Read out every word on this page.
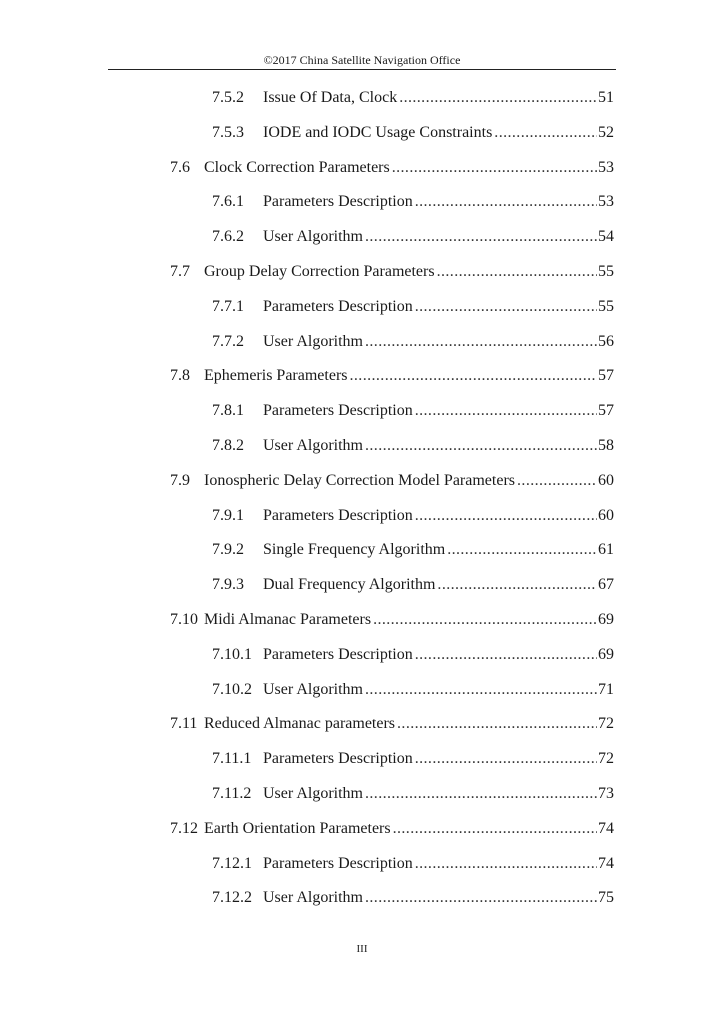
©2017 China Satellite Navigation Office
7.5.2	Issue Of Data, Clock .....	51
7.5.3	IODE and IODC Usage Constraints .....	52
7.6 Clock Correction Parameters .....	53
7.6.1	Parameters Description .....	53
7.6.2	User Algorithm .....	54
7.7 Group Delay Correction Parameters .....	55
7.7.1	Parameters Description .....	55
7.7.2	User Algorithm .....	56
7.8 Ephemeris Parameters .....	57
7.8.1	Parameters Description .....	57
7.8.2	User Algorithm .....	58
7.9 Ionospheric Delay Correction Model Parameters .....	60
7.9.1	Parameters Description .....	60
7.9.2	Single Frequency Algorithm .....	61
7.9.3	Dual Frequency Algorithm .....	67
7.10 Midi Almanac Parameters .....	69
7.10.1 Parameters Description .....	69
7.10.2 User Algorithm .....	71
7.11 Reduced Almanac parameters .....	72
7.11.1 Parameters Description .....	72
7.11.2 User Algorithm .....	73
7.12 Earth Orientation Parameters .....	74
7.12.1 Parameters Description .....	74
7.12.2 User Algorithm .....	75
III
